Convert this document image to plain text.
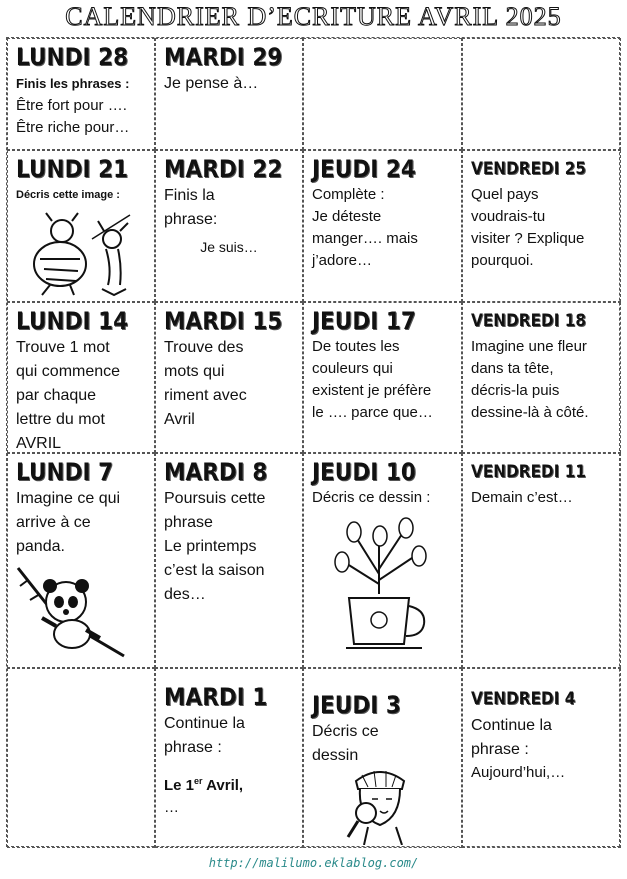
CALENDRIER D’ECRITURE AVRIL 2025
LUNDI 28
Finis les phrases :
Être fort pour ….
Être riche pour…
MARDI 29
Je pense à…
LUNDI 21
Décris cette image :
MARDI 22
Finis la
phrase:
Je suis…
JEUDI 24
Complète :
Je déteste
manger…. mais
j’adore…
VENDREDI 25
Quel pays
voudrais-tu
visiter ? Explique
pourquoi.
LUNDI 14
Trouve 1 mot
qui commence
par chaque
lettre du mot
AVRIL
MARDI 15
Trouve des
mots qui
riment avec
Avril
JEUDI 17
De toutes les
couleurs qui
existent je préfère
le …. parce que…
VENDREDI 18
Imagine une fleur
dans ta tête,
décris-la puis
dessine-là à côté.
LUNDI 7
Imagine ce qui
arrive à ce
panda.
MARDI 8
Poursuis cette
phrase
Le printemps
c’est la saison
des…
JEUDI 10
Décris ce dessin :
VENDREDI 11
Demain c’est…
MARDI 1
Continue la
phrase :
Le 1er Avril,
…
JEUDI 3
Décris ce
dessin
VENDREDI 4
Continue la
phrase :
Aujourd’hui,…
http://malilumo.eklablog.com/
